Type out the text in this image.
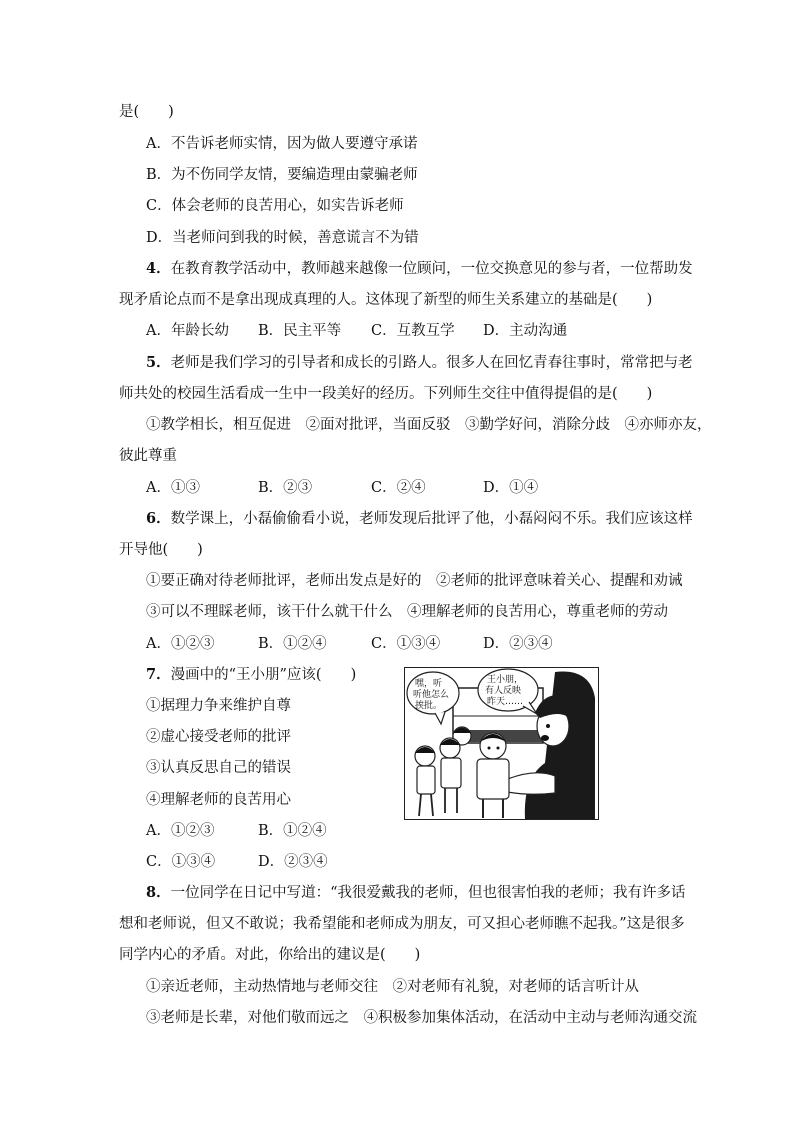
是(　　)
A．不告诉老师实情，因为做人要遵守承诺
B．为不伤同学友情，要编造理由蒙骗老师
C．体会老师的良苦用心，如实告诉老师
D．当老师问到我的时候，善意谎言不为错
4．在教育教学活动中，教师越来越像一位顾问，一位交换意见的参与者，一位帮助发
现矛盾论点而不是拿出现成真理的人。这体现了新型的师生关系建立的基础是(　　)
A．年龄长幼 B．民主平等 C．互教互学 D．主动沟通
5．老师是我们学习的引导者和成长的引路人。很多人在回忆青春往事时，常常把与老
师共处的校园生活看成一生中一段美好的经历。下列师生交往中值得提倡的是(　　)
①教学相长，相互促进　②面对批评，当面反驳　③勤学好问，消除分歧　④亦师亦友，
彼此尊重
A．①③	B．②③	C．②④	D．①④
6．数学课上，小磊偷偷看小说，老师发现后批评了他，小磊闷闷不乐。我们应该这样
开导他(　　)
①要正确对待老师批评，老师出发点是好的　②老师的批评意味着关心、提醒和劝诫
③可以不理睬老师，该干什么就干什么　④理解老师的良苦用心，尊重老师的劳动
A．①②③	B．①②④	C．①③④	D．②③④
7．漫画中的“王小朋”应该(　　)
①据理力争来维护自尊
②虚心接受老师的批评
③认真反思自己的错误
④理解老师的良苦用心
A．①②③	B．①②④
C．①③④	D．②③④
嘿，听
听他怎么
挨批。
王小朋，
有人反映
昨天……
8．一位同学在日记中写道：“我很爱戴我的老师，但也很害怕我的老师；我有许多话
想和老师说，但又不敢说；我希望能和老师成为朋友，可又担心老师瞧不起我。”这是很多
同学内心的矛盾。对此，你给出的建议是(　　)
①亲近老师，主动热情地与老师交往　②对老师有礼貌，对老师的话言听计从
③老师是长辈，对他们敬而远之　④积极参加集体活动，在活动中主动与老师沟通交流
